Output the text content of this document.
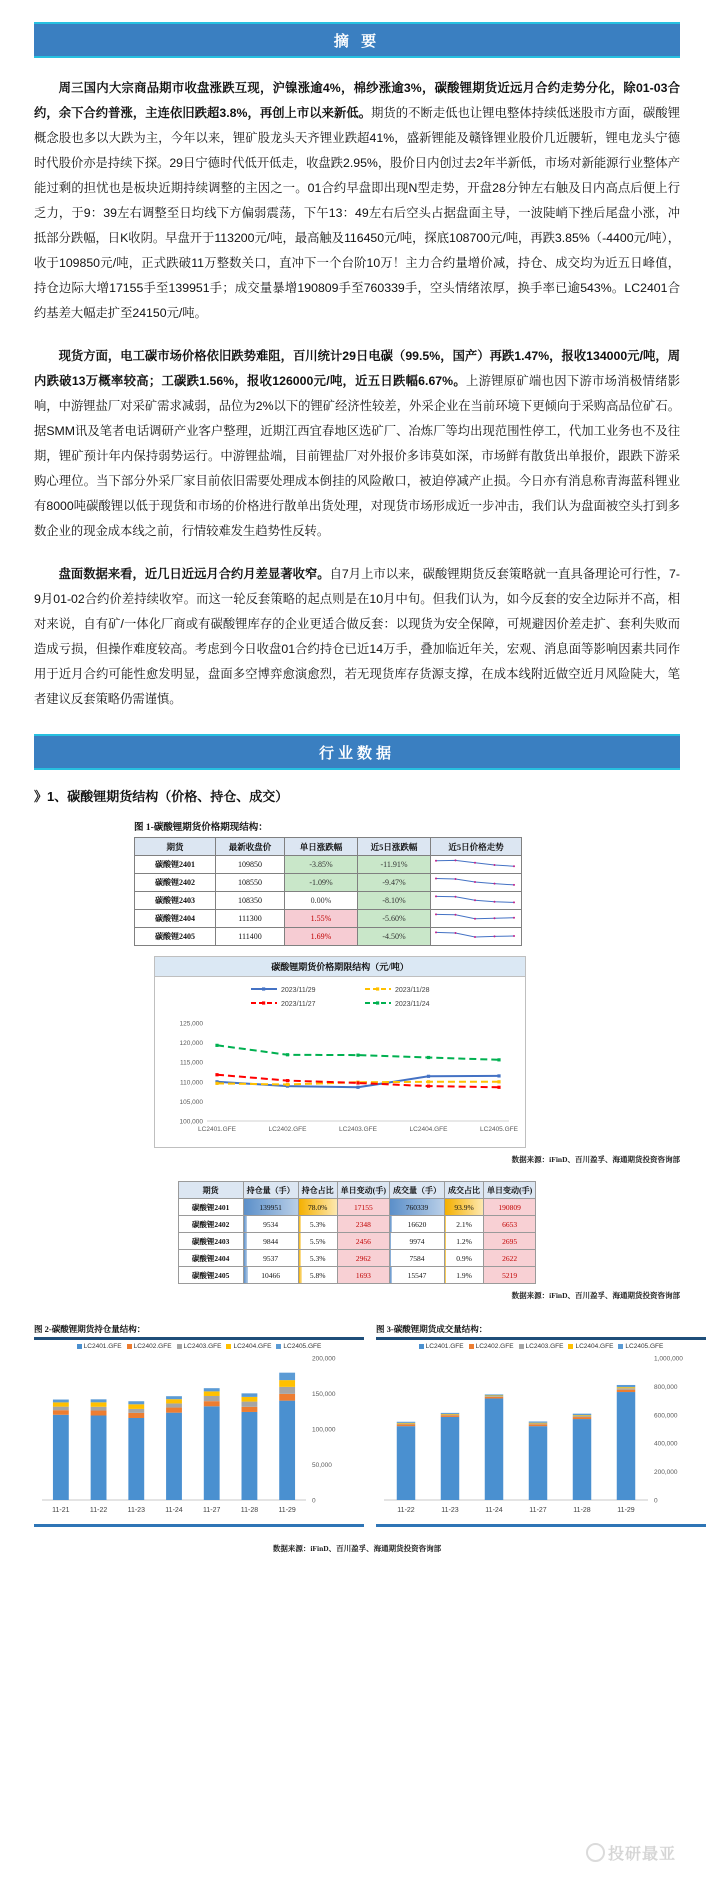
摘 要
周三国内大宗商品期市收盘涨跌互现，沪镍涨逾4%，棉纱涨逾3%，碳酸锂期货近远月合约走势分化，除01-03合约，余下合约普涨，主连依旧跌超3.8%，再创上市以来新低。期货的不断走低也让锂电整体持续低迷股市方面，碳酸锂概念股也多以大跌为主，今年以来，锂矿股龙头天齐锂业跌超41%，盛新锂能及赣锋锂业股价几近腰斩，锂电龙头宁德时代股价亦是持续下探。29日宁德时代低开低走，收盘跌2.95%，股价日内创过去2年半新低，市场对新能源行业整体产能过剩的担忧也是板块近期持续调整的主因之一。01合约早盘即出现N型走势，开盘28分钟左右触及日内高点后便上行乏力，于9：39左右调整至日均线下方偏弱震荡，下午13：49左右后空头占据盘面主导，一波陡峭下挫后尾盘小涨，冲抵部分跌幅，日K收阴。早盘开于113200元/吨，最高触及116450元/吨，探底108700元/吨，再跌3.85%（-4400元/吨），收于109850元/吨，正式跌破11万整数关口，直冲下一个台阶10万！主力合约量增价减，持仓、成交均为近五日峰值，持仓边际大增17155手至139951手；成交量暴增190809手至760339手，空头情绪浓厚，换手率已逾543%。LC2401合约基差大幅走扩至24150元/吨。
现货方面，电工碳市场价格依旧跌势难阻，百川统计29日电碳（99.5%，国产）再跌1.47%，报收134000元/吨，周内跌破13万概率较高；工碳跌1.56%，报收126000元/吨，近五日跌幅6.67%。上游锂原矿端也因下游市场消极情绪影响，中游锂盐厂对采矿需求减弱，品位为2%以下的锂矿经济性较差，外采企业在当前环境下更倾向于采购高品位矿石。据SMM讯及笔者电话调研产业客户整理，近期江西宜春地区选矿厂、冶炼厂等均出现范围性停工，代加工业务也不及往期，锂矿预计年内保持弱势运行。中游锂盐端，目前锂盐厂对外报价多讳莫如深，市场鲜有散货出单报价，跟跌下游采购心理位。当下部分外采厂家目前依旧需要处理成本倒挂的风险敞口，被迫停减产止损。今日亦有消息称青海蓝科锂业有8000吨碳酸锂以低于现货和市场的价格进行散单出货处理，对现货市场形成近一步冲击，我们认为盘面被空头打到多数企业的现金成本线之前，行情较难发生趋势性反转。
盘面数据来看，近几日近远月合约月差显著收窄。自7月上市以来，碳酸锂期货反套策略就一直具备理论可行性，7-9月01-02合约价差持续收窄。而这一轮反套策略的起点则是在10月中旬。但我们认为，如今反套的安全边际并不高，相对来说，自有矿/一体化厂商或有碳酸锂库存的企业更适合做反套：以现货为安全保障，可规避因价差走扩、套利失败而造成亏损，但操作难度较高。考虑到今日收盘01合约持仓已近14万手，叠加临近年关，宏观、消息面等影响因素共同作用于近月合约可能性愈发明显，盘面多空博弈愈演愈烈，若无现货库存货源支撑，在成本线附近做空近月风险陡大，笔者建议反套策略仍需谨慎。
行业数据
》1、碳酸锂期货结构（价格、持仓、成交）
图 1-碳酸锂期货价格期现结构：
期货	最新收盘价	单日涨跌幅	近5日涨跌幅	近5日价格走势
碳酸锂2401	109850	-3.85%	-11.91%	

碳酸锂2402	108550	-1.09%	-9.47%	

碳酸锂2403	108350	0.00%	-8.10%	

碳酸锂2404	111300	1.55%	-5.60%	

碳酸锂2405	111400	1.69%	-4.50%	
碳酸锂期货价格期限结构（元/吨）
100,000
105,000
110,000
115,000
120,000
125,000
LC2401.GFE	LC2402.GFE	LC2403.GFE	LC2404.GFE	LC2405.GFE
2023/11/29	2023/11/28
2023/11/27	2023/11/24
数据来源：iFinD、百川盈孚、海通期货投资咨询部
期货	持仓量（手）	持仓占比	单日变动(手)	成交量（手）	成交占比	单日变动(手)
碳酸锂2401	139951	78.0%	17155	760339	93.9%	190809
碳酸锂2402	9534	5.3%	2348	16620	2.1%	6653
碳酸锂2403	9844	5.5%	2456	9974	1.2%	2695
碳酸锂2404	9537	5.3%	2962	7584	0.9%	2622
碳酸锂2405	10466	5.8%	1693	15547	1.9%	5219
数据来源：iFinD、百川盈孚、海通期货投资咨询部
图 2-碳酸锂期货持仓量结构：
LC2401.GFE	LC2402.GFE	LC2403.GFE	LC2404.GFE	LC2405.GFE
0
50,000
100,000
150,000
200,000
11-21	11-22	11-23	11-24	11-27	11-28	11-29
图 3-碳酸锂期货成交量结构：
LC2401.GFE	LC2402.GFE	LC2403.GFE	LC2404.GFE	LC2405.GFE
0
200,000
400,000
600,000
800,000
1,000,000
11-22	11-23	11-24	11-27	11-28	11-29
数据来源：iFinD、百川盈孚、海通期货投资咨询部
投研最亚
